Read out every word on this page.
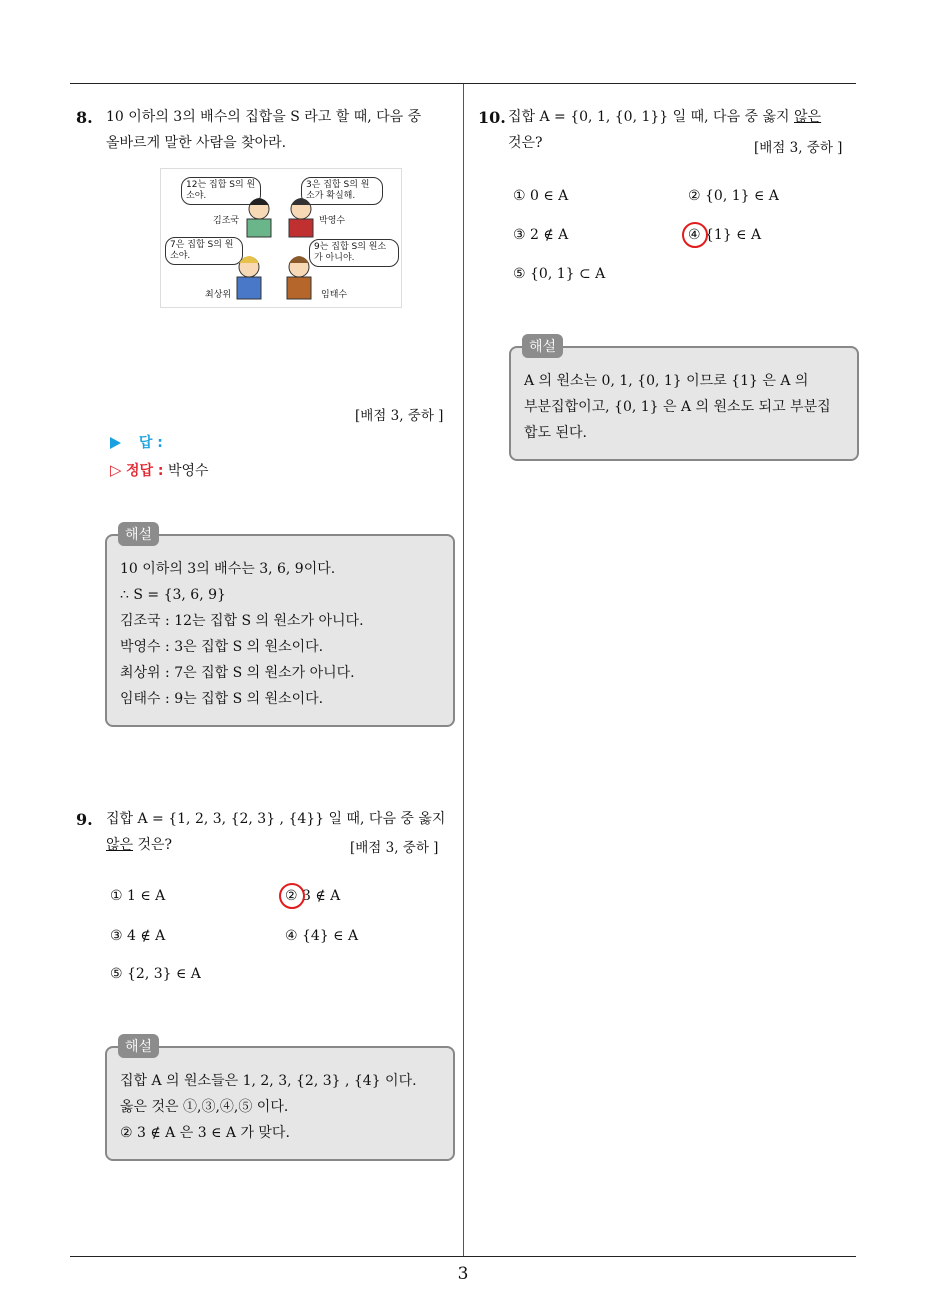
8. 10 이하의 3의 배수의 집합을 S 라고 할 때, 다음 중
올바르게 말한 사람을 찾아라.
12는 집합 S의 원소야.
3은 집합 S의 원소가 확실해.
7은 집합 S의 원소야.
9는 집합 S의 원소가 아니야.
김조국	박영수
최상위	임태수
[배점 3, 중하 ]
답 :
▷ 정답 : 박영수
10 이하의 3의 배수는 3, 6, 9이다.
∴ S = {3, 6, 9}
김조국 : 12는 집합 S 의 원소가 아니다.
박영수 : 3은 집합 S 의 원소이다.
최상위 : 7은 집합 S 의 원소가 아니다.
임태수 : 9는 집합 S 의 원소이다.
해설
9. 집합 A = {1, 2, 3, {2, 3} , {4}} 일 때, 다음 중 옳지
않은 것은?	[배점 3, 중하 ]
① 1 ∈ A	② 3 ∉ A
③ 4 ∉ A	④ {4} ∈ A
⑤ {2, 3} ∈ A
집합 A 의 원소들은 1, 2, 3, {2, 3} , {4} 이다.
옳은 것은 ①,③,④,⑤ 이다.
② 3 ∉ A 은 3 ∈ A 가 맞다.
해설
10. 집합 A = {0, 1, {0, 1}} 일 때, 다음 중 옳지 않은
것은?	[배점 3, 중하 ]
① 0 ∈ A	② {0, 1} ∈ A
③ 2 ∉ A	④ {1} ∈ A
⑤ {0, 1} ⊂ A
A 의 원소는 0, 1, {0, 1} 이므로 {1} 은 A 의
부분집합이고, {0, 1} 은 A 의 원소도 되고 부분집
합도 된다.
해설
3
